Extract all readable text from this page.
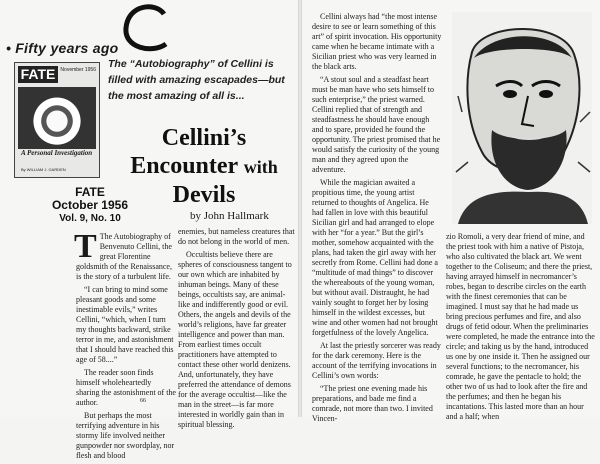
• Fifty years ago
FATE	November 1956
A Personal Investigation
By WILLIAM J. GARDEN
The “Autobiography” of Cellini is filled with amazing escapades—but the most amazing of all is...
Cellini’s
Encounter with
Devils
FATE
October 1956
Vol. 9, No. 10	by John Hallmark

T The Autobiography of Benvenuto Cellini, the great Florentine goldsmith of the Renaissance, is the story of a turbulent life.

“I can bring to mind some pleasant goods and some inestimable evils,” writes Cellini, “which, when I turn my thoughts backward, strike terror in me, and astonishment that I should have reached this age of 58....”

The reader soon finds himself wholeheartedly sharing the astonishment of the author.

But perhaps the most terrifying adventure in his stormy life involved neither gunpowder nor swordplay, nor flesh and blood

enemies, but nameless creatures that do not belong in the world of men.

Occultists believe there are spheres of consciousness tangent to our own which are inhabited by inhuman beings. Many of these beings, occultists say, are animal-like and indifferently good or evil. Others, the angels and devils of the world’s religions, have far greater intelligence and power than man. From earliest times occult practitioners have attempted to contact these other world denizens. And, unfortunately, they have preferred the attendance of demons for the average occultist—like the man in the street—is far more interested in worldly gain than in spiritual blessing.

66

Cellini always had “the most intense desire to see or learn something of this art” of spirit invocation. His opportunity came when he became intimate with a Sicilian priest who was very learned in the black arts.

“A stout soul and a steadfast heart must be man have who sets himself to such enterprise,” the priest warned. Cellini replied that of strength and steadfastness he should have enough and to spare, provided he found the opportunity. The priest promised that he would satisfy the curiosity of the young man and they agreed upon the adventure.

While the magician awaited a propitious time, the young artist returned to thoughts of Angelica. He had fallen in love with this beautiful Sicilian girl and had arranged to elope with her “for a year.” But the girl’s mother, somehow acquainted with the plans, had taken the girl away with her secretly from Rome. Cellini had done a “multitude of mad things” to discover the whereabouts of the young woman, but without avail. Distraught, he had vainly sought to forget her by losing himself in the wildest excesses, but wine and other women had not brought forgetfulness of the lovely Angelica.

At last the priestly sorcerer was ready for the dark ceremony. Here is the account of the terrifying invocations in Cellini’s own words:

“The priest one evening made his preparations, and bade me find a comrade, not more than two. I invited Vincen-

zio Romoli, a very dear friend of mine, and the priest took with him a native of Pistoja, who also cultivated the black art. We went together to the Coliseum; and there the priest, having arrayed himself in necromancer’s robes, began to describe circles on the earth with the finest ceremonies that can be imagined. I must say that he had made us bring precious perfumes and fire, and also drugs of fetid odour. When the preliminaries were completed, he made the entrance into the circle; and taking us by the hand, introduced us one by one inside it. Then he assigned our several functions; to the necromancer, his comrade, he gave the pentacle to hold; the other two of us had to look after the fire and the perfumes; and then he began his incantations. This lasted more than an hour and a half; when
